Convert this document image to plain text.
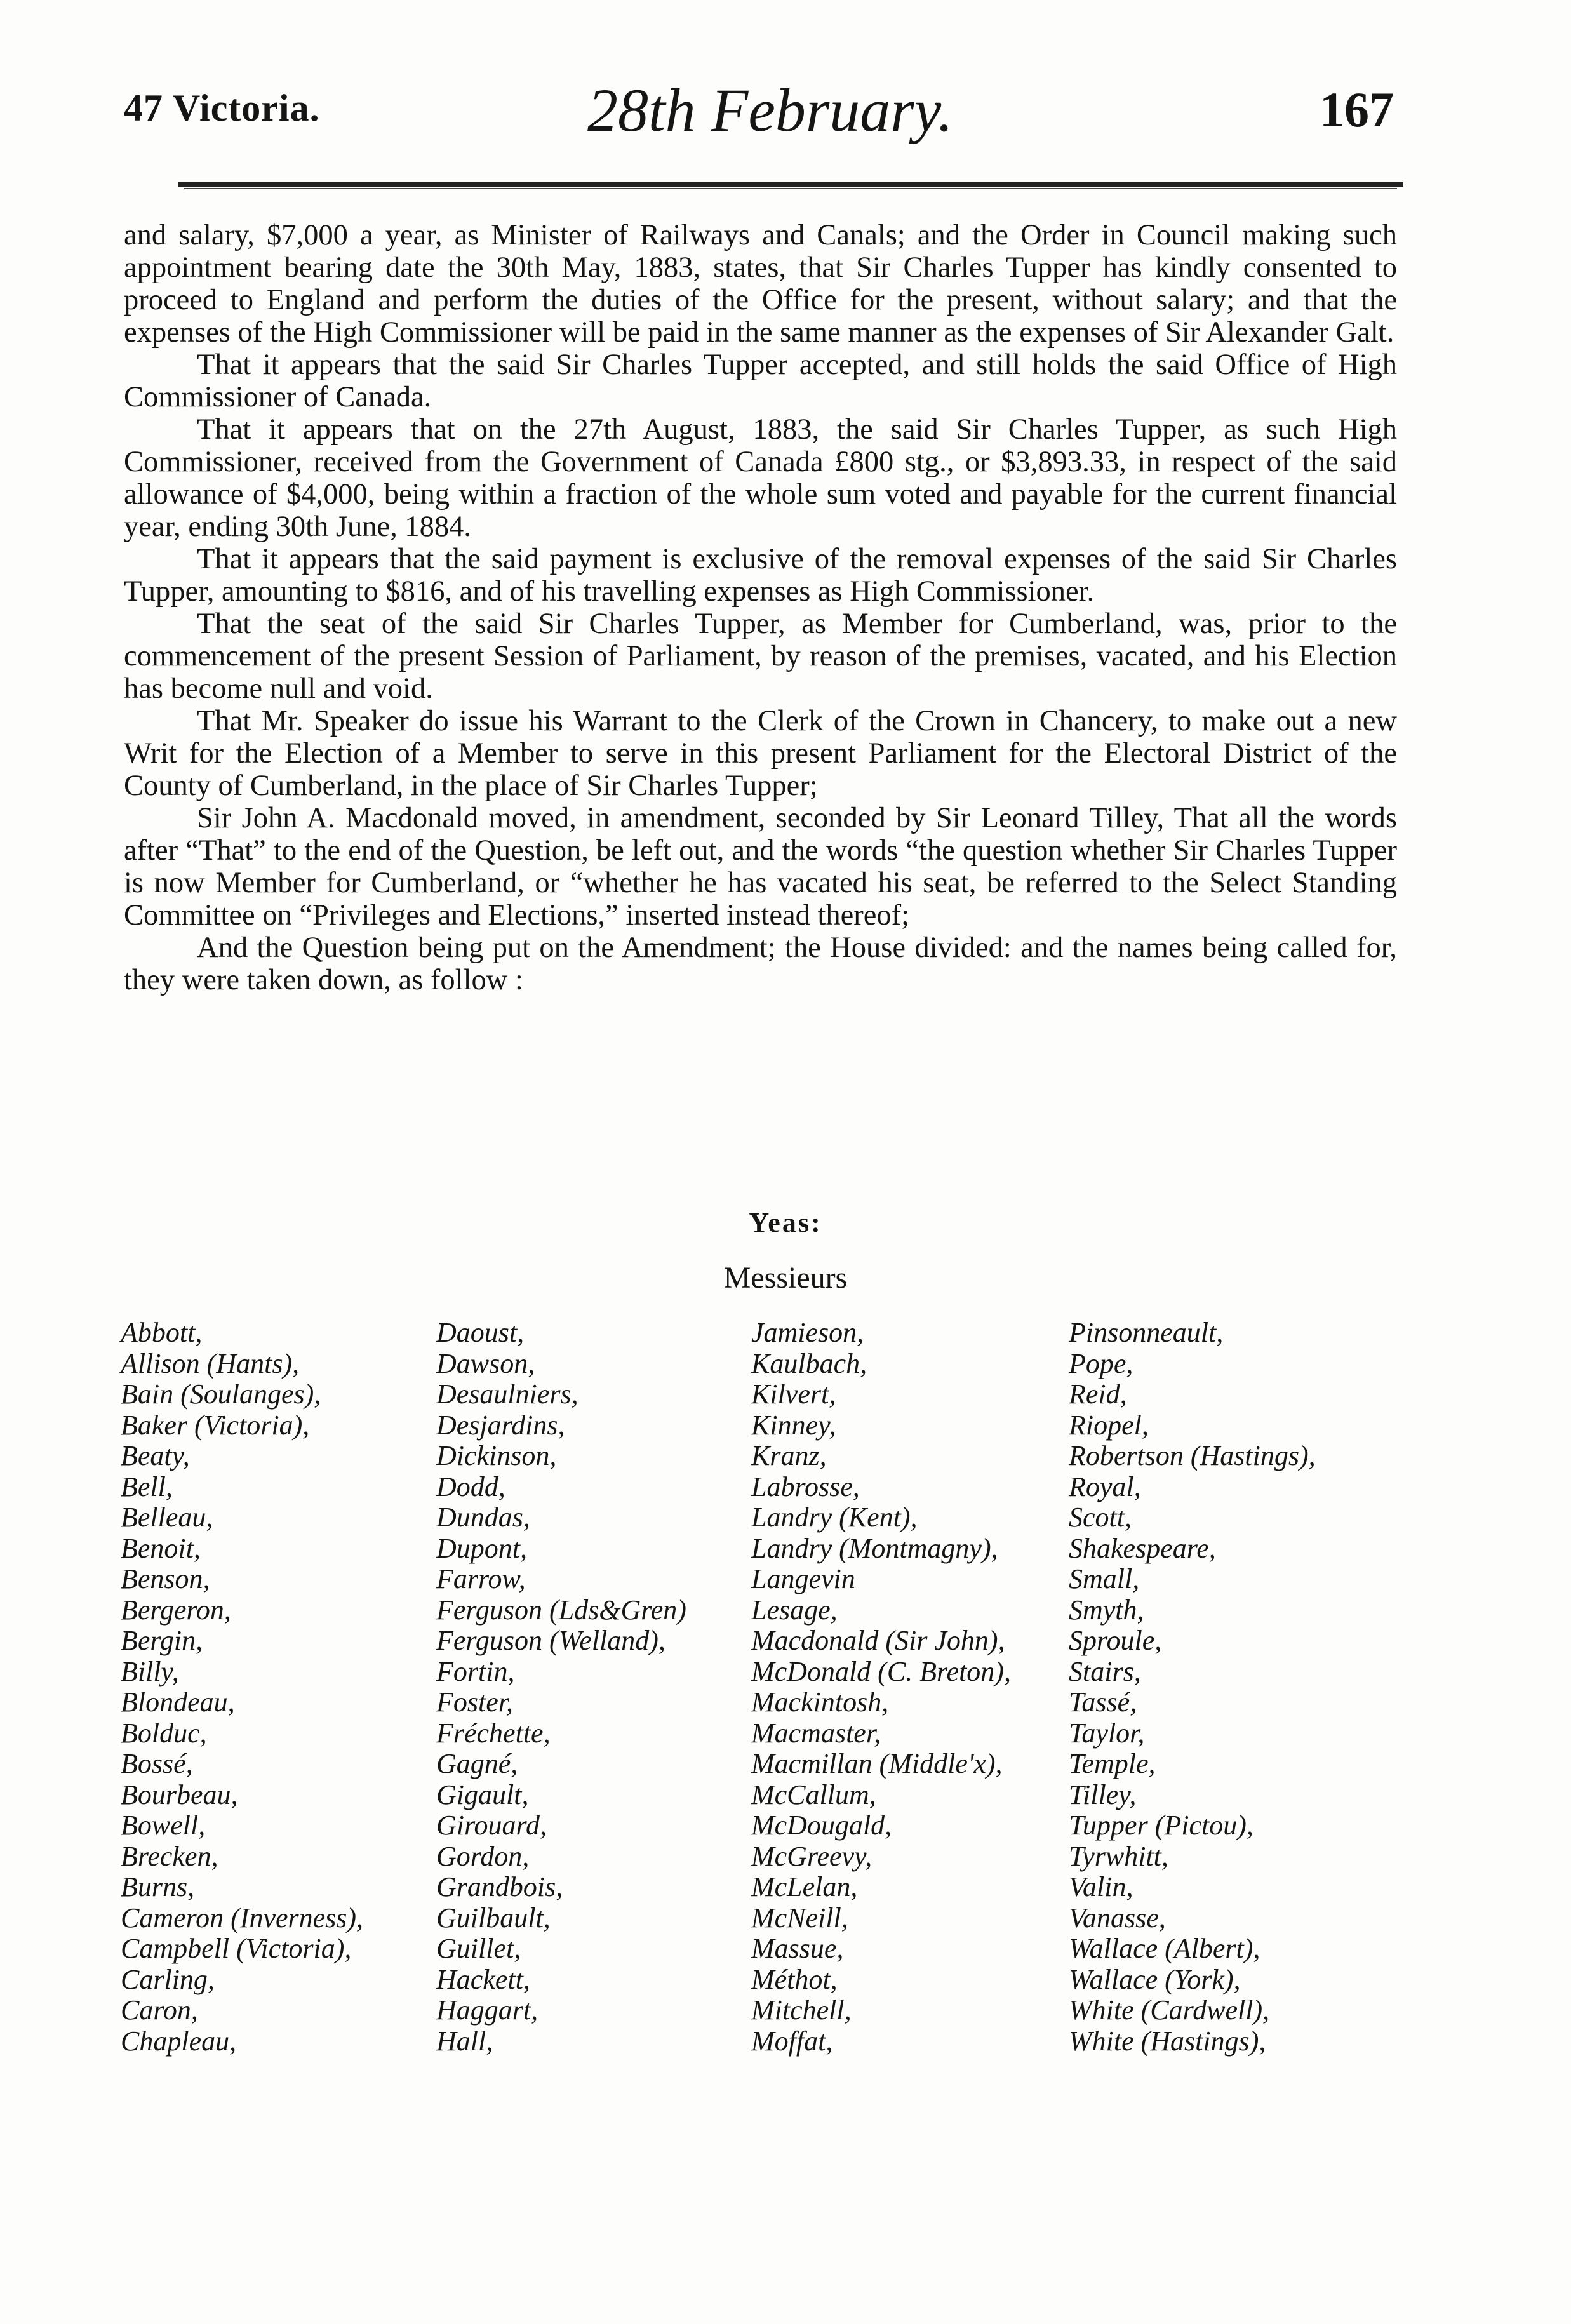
47 Victoria.	28th February.	167

and salary, $7,000 a year, as Minister of Railways and Canals; and the Order in Council making such appointment bearing date the 30th May, 1883, states, that Sir Charles Tupper has kindly consented to proceed to England and perform the duties of the Office for the present, without salary; and that the expenses of the High Commissioner will be paid in the same manner as the expenses of Sir Alexander Galt.

That it appears that the said Sir Charles Tupper accepted, and still holds the said Office of High Commissioner of Canada.

That it appears that on the 27th August, 1883, the said Sir Charles Tupper, as such High Commissioner, received from the Government of Canada £800 stg., or $3,893.33, in respect of the said allowance of $4,000, being within a fraction of the whole sum voted and payable for the current financial year, ending 30th June, 1884.

That it appears that the said payment is exclusive of the removal expenses of the said Sir Charles Tupper, amounting to $816, and of his travelling expenses as High Commissioner.

That the seat of the said Sir Charles Tupper, as Member for Cumberland, was, prior to the commencement of the present Session of Parliament, by reason of the premises, vacated, and his Election has become null and void.

That Mr. Speaker do issue his Warrant to the Clerk of the Crown in Chancery, to make out a new Writ for the Election of a Member to serve in this present Parliament for the Electoral District of the County of Cumberland, in the place of Sir Charles Tupper;

Sir John A. Macdonald moved, in amendment, seconded by Sir Leonard Tilley, That all the words after “That” to the end of the Question, be left out, and the words “the question whether Sir Charles Tupper is now Member for Cumberland, or “whether he has vacated his seat, be referred to the Select Standing Committee on “Privileges and Elections,” inserted instead thereof;

And the Question being put on the Amendment; the House divided: and the names being called for, they were taken down, as follow :

Yeas:
Messieurs
Abbott,
Allison (Hants),
Bain (Soulanges),
Baker (Victoria),
Beaty,
Bell,
Belleau,
Benoit,
Benson,
Bergeron,
Bergin,
Billy,
Blondeau,
Bolduc,
Bossé,
Bourbeau,
Bowell,
Brecken,
Burns,
Cameron (Inverness),
Campbell (Victoria),
Carling,
Caron,
Chapleau,
Daoust,
Dawson,
Desaulniers,
Desjardins,
Dickinson,
Dodd,
Dundas,
Dupont,
Farrow,
Ferguson (Lds&Gren)
Ferguson (Welland),
Fortin,
Foster,
Fréchette,
Gagné,
Gigault,
Girouard,
Gordon,
Grandbois,
Guilbault,
Guillet,
Hackett,
Haggart,
Hall,
Jamieson,
Kaulbach,
Kilvert,
Kinney,
Kranz,
Labrosse,
Landry (Kent),
Landry (Montmagny),
Langevin
Lesage,
Macdonald (Sir John),
McDonald (C. Breton),
Mackintosh,
Macmaster,
Macmillan (Middle'x),
McCallum,
McDougald,
McGreevy,
McLelan,
McNeill,
Massue,
Méthot,
Mitchell,
Moffat,
Pinsonneault,
Pope,
Reid,
Riopel,
Robertson (Hastings),
Royal,
Scott,
Shakespeare,
Small,
Smyth,
Sproule,
Stairs,
Tassé,
Taylor,
Temple,
Tilley,
Tupper (Pictou),
Tyrwhitt,
Valin,
Vanasse,
Wallace (Albert),
Wallace (York),
White (Cardwell),
White (Hastings),
